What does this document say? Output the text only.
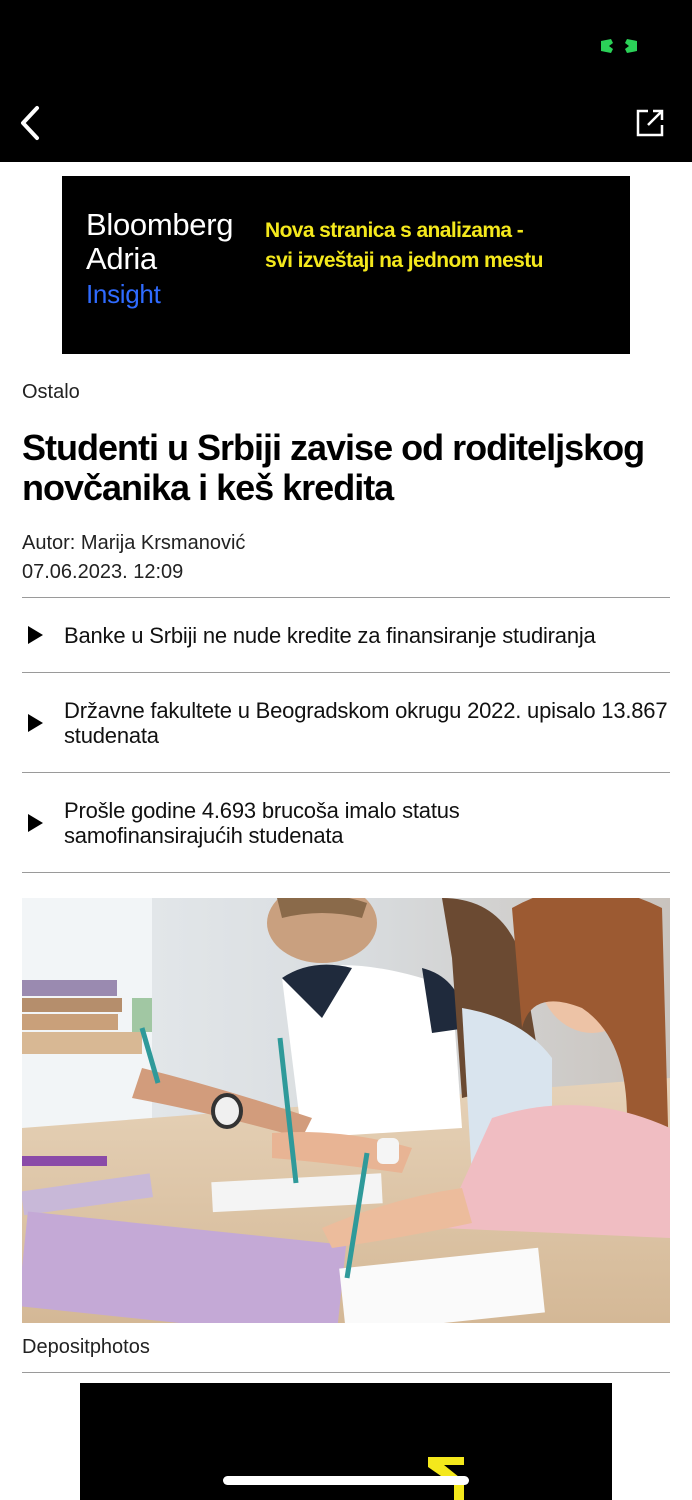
Bloomberg
Adria
Insight
Nova stranica s analizama -
svi izveštaji na jednom mestu
Ostalo
Studenti u Srbiji zavise od roditeljskog novčanika i keš kredita
Autor: Marija Krsmanović
07.06.2023. 12:09
Banke u Srbiji ne nude kredite za finansiranje studiranja
Državne fakultete u Beogradskom okrugu 2022. upisalo 13.867 studenata
Prošle godine 4.693 brucoša imalo status samofinansirajućih studenata
Depositphotos
